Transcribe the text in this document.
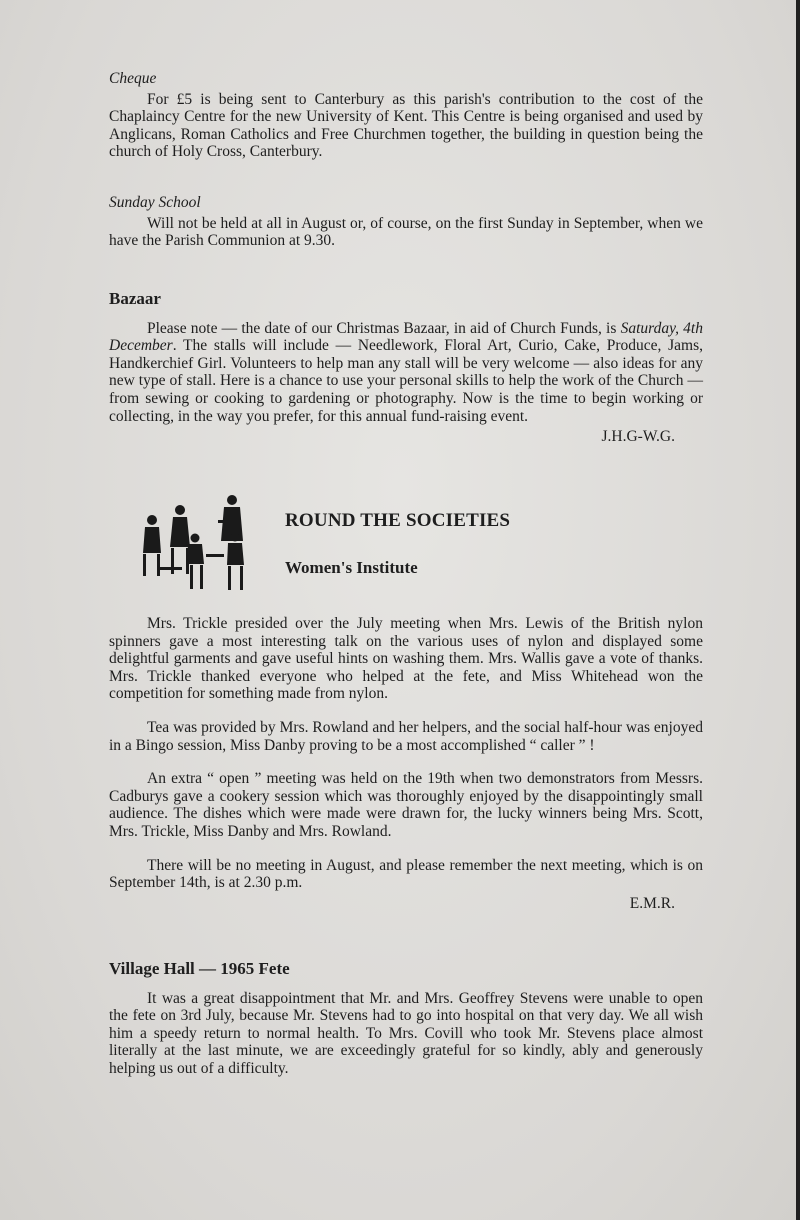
Cheque

For £5 is being sent to Canterbury as this parish's contribution to the cost of the Chaplaincy Centre for the new University of Kent. This Centre is being organised and used by Anglicans, Roman Catholics and Free Churchmen together, the building in question being the church of Holy Cross, Canterbury.

Sunday School

Will not be held at all in August or, of course, on the first Sunday in September, when we have the Parish Communion at 9.30.

Bazaar

Please note — the date of our Christmas Bazaar, in aid of Church Funds, is Saturday, 4th December. The stalls will include — Needlework, Floral Art, Curio, Cake, Produce, Jams, Handkerchief Girl. Volunteers to help man any stall will be very welcome — also ideas for any new type of stall. Here is a chance to use your personal skills to help the work of the Church — from sewing or cooking to gardening or photography. Now is the time to begin working or collecting, in the way you prefer, for this annual fund-raising event.

J.H.G-W.G.

ROUND THE SOCIETIES

Women's Institute

Mrs. Trickle presided over the July meeting when Mrs. Lewis of the British nylon spinners gave a most interesting talk on the various uses of nylon and displayed some delightful garments and gave useful hints on washing them. Mrs. Wallis gave a vote of thanks. Mrs. Trickle thanked everyone who helped at the fete, and Miss Whitehead won the competition for something made from nylon.

Tea was provided by Mrs. Rowland and her helpers, and the social half-hour was enjoyed in a Bingo session, Miss Danby proving to be a most accomplished “ caller ” !

An extra “ open ” meeting was held on the 19th when two demonstrators from Messrs. Cadburys gave a cookery session which was thoroughly enjoyed by the disappointingly small audience. The dishes which were made were drawn for, the lucky winners being Mrs. Scott, Mrs. Trickle, Miss Danby and Mrs. Rowland.

There will be no meeting in August, and please remember the next meeting, which is on September 14th, is at 2.30 p.m.

E.M.R.

Village Hall — 1965 Fete

It was a great disappointment that Mr. and Mrs. Geoffrey Stevens were unable to open the fete on 3rd July, because Mr. Stevens had to go into hospital on that very day. We all wish him a speedy return to normal health. To Mrs. Covill who took Mr. Stevens place almost literally at the last minute, we are exceedingly grateful for so kindly, ably and generously helping us out of a difficulty.
